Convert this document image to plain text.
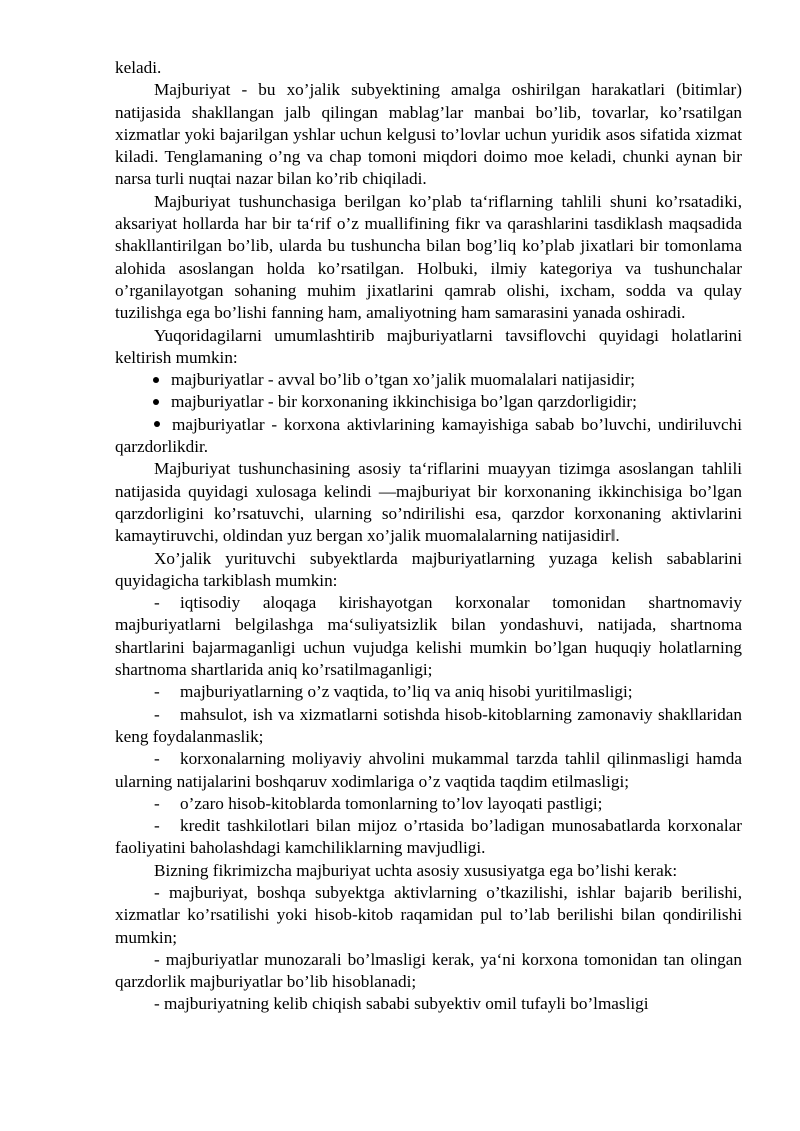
keladi.

Majburiyat - bu xo’jalik subyektining amalga oshirilgan harakatlari (bitimlar) natijasida shakllangan jalb qilingan mablag’lar manbai bo’lib, tovarlar, ko’rsatilgan xizmatlar yoki bajarilgan yshlar uchun kelgusi to’lovlar uchun yuridik asos sifatida xizmat kiladi. Tenglamaning o’ng va chap tomoni miqdori doimo moe keladi, chunki aynan bir narsa turli nuqtai nazar bilan ko’rib chiqiladi.

Majburiyat tushunchasiga berilgan ko’plab ta‘riflarning tahlili shuni ko’rsatadiki, aksariyat hollarda har bir ta‘rif o’z muallifining fikr va qarashlarini tasdiklash maqsadida shakllantirilgan bo’lib, ularda bu tushuncha bilan bog’liq ko’plab jixatlari bir tomonlama alohida asoslangan holda ko’rsatilgan. Holbuki, ilmiy kategoriya va tushunchalar o’rganilayotgan sohaning muhim jixatlarini qamrab olishi, ixcham, sodda va qulay tuzilishga ega bo’lishi fanning ham, amaliyotning ham samarasini yanada oshiradi.

Yuqoridagilarni umumlashtirib majburiyatlarni tavsiflovchi quyidagi holatlarini keltirish mumkin:

majburiyatlar - avval bo’lib o’tgan xo’jalik muomalalari natijasidir;

majburiyatlar - bir korxonaning ikkinchisiga bo’lgan qarzdorligidir;

majburiyatlar - korxona aktivlarining kamayishiga sabab bo’luvchi, undiriluvchi qarzdorlikdir.

Majburiyat tushunchasining asosiy ta‘riflarini muayyan tizimga asoslangan tahlili natijasida quyidagi xulosaga kelindi ―majburiyat bir korxonaning ikkinchisiga bo’lgan qarzdorligini ko’rsatuvchi, ularning so’ndirilishi esa, qarzdor korxonaning aktivlarini kamaytiruvchi, oldindan yuz bergan xo’jalik muomalalarning natijasidir‖.

Xo’jalik yurituvchi subyektlarda majburiyatlarning yuzaga kelish sabablarini quyidagicha tarkiblash mumkin:

- iqtisodiy aloqaga kirishayotgan korxonalar tomonidan shartnomaviy majburiyatlarni belgilashga ma‘suliyatsizlik bilan yondashuvi, natijada, shartnoma shartlarini bajarmaganligi uchun vujudga kelishi mumkin bo’lgan huquqiy holatlarning shartnoma shartlarida aniq ko’rsatilmaganligi;

- majburiyatlarning o’z vaqtida, to’liq va aniq hisobi yuritilmasligi;

- mahsulot, ish va xizmatlarni sotishda hisob-kitoblarning zamonaviy shakllaridan keng foydalanmaslik;

- korxonalarning moliyaviy ahvolini mukammal tarzda tahlil qilinmasligi hamda ularning natijalarini boshqaruv xodimlariga o’z vaqtida taqdim etilmasligi;

- o’zaro hisob-kitoblarda tomonlarning to’lov layoqati pastligi;

- kredit tashkilotlari bilan mijoz o’rtasida bo’ladigan munosabatlarda korxonalar faoliyatini baholashdagi kamchiliklarning mavjudligi.

Bizning fikrimizcha majburiyat uchta asosiy xususiyatga ega bo’lishi kerak:

- majburiyat, boshqa subyektga aktivlarning o’tkazilishi, ishlar bajarib berilishi, xizmatlar ko’rsatilishi yoki hisob-kitob raqamidan pul to’lab berilishi bilan qondirilishi mumkin;

- majburiyatlar munozarali bo’lmasligi kerak, ya‘ni korxona tomonidan tan olingan qarzdorlik majburiyatlar bo’lib hisoblanadi;

- majburiyatning kelib chiqish sababi subyektiv omil tufayli bo’lmasligi
